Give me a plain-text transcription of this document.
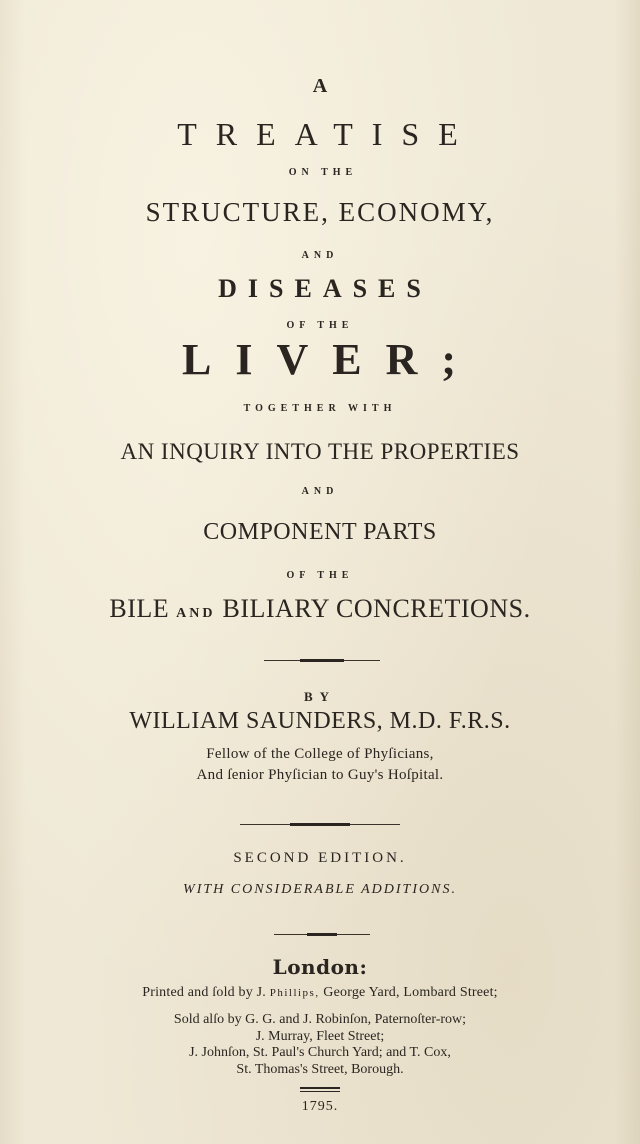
A
TREATISE
ON THE
STRUCTURE, ECONOMY,
AND
DISEASES
OF THE
LIVER;
TOGETHER WITH
AN INQUIRY INTO THE PROPERTIES
AND
COMPONENT PARTS
OF THE
BILE AND BILIARY CONCRETIONS.
BY
WILLIAM SAUNDERS, M.D. F.R.S.
Fellow of the College of Phyſicians,
And ſenior Phyſician to Guy's Hoſpital.
SECOND EDITION.
WITH CONSIDERABLE ADDITIONS.
London:
Printed and ſold by J. Phillips, George Yard, Lombard Street;
Sold alſo by G. G. and J. Robinſon, Paternoſter-row;
J. Murray, Fleet Street;
J. Johnſon, St. Paul's Church Yard; and T. Cox,
St. Thomas's Street, Borough.
1795.
